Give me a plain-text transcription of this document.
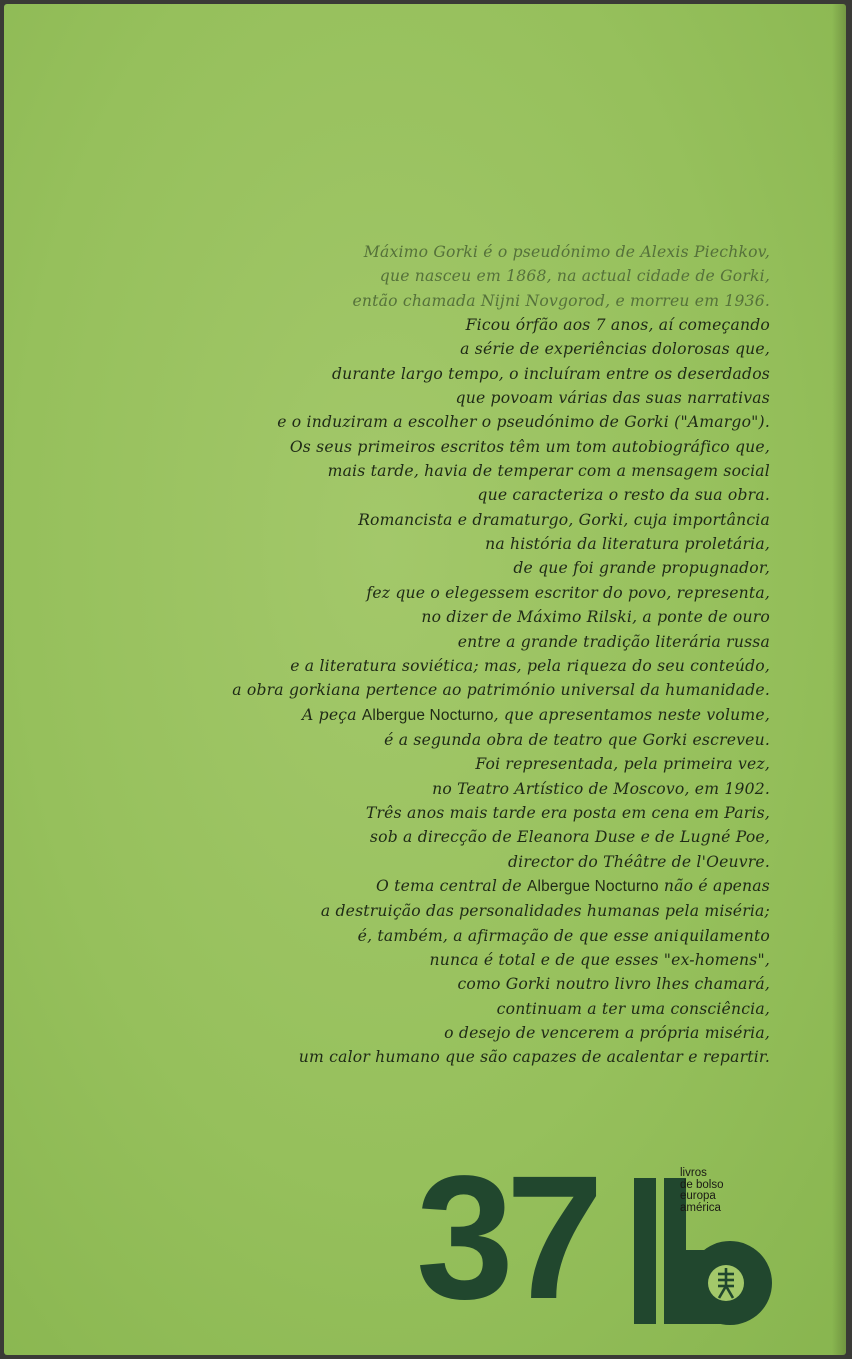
Máximo Gorki é o pseudónimo de Alexis Piechkov,
que nasceu em 1868, na actual cidade de Gorki,
então chamada Nijni Novgorod, e morreu em 1936.
Ficou órfão aos 7 anos, aí começando
a série de experiências dolorosas que,
durante largo tempo, o incluíram entre os deserdados
que povoam várias das suas narrativas
e o induziram a escolher o pseudónimo de Gorki ("Amargo").
Os seus primeiros escritos têm um tom autobiográfico que,
mais tarde, havia de temperar com a mensagem social
que caracteriza o resto da sua obra.
Romancista e dramaturgo, Gorki, cuja importância
na história da literatura proletária,
de que foi grande propugnador,
fez que o elegessem escritor do povo, representa,
no dizer de Máximo Rilski, a ponte de ouro
entre a grande tradição literária russa
e a literatura soviética; mas, pela riqueza do seu conteúdo,
a obra gorkiana pertence ao património universal da humanidade.
A peça Albergue Nocturno, que apresentamos neste volume,
é a segunda obra de teatro que Gorki escreveu.
Foi representada, pela primeira vez,
no Teatro Artístico de Moscovo, em 1902.
Três anos mais tarde era posta em cena em Paris,
sob a direcção de Eleanora Duse e de Lugné Poe,
director do Théâtre de l'Oeuvre.
O tema central de Albergue Nocturno não é apenas
a destruição das personalidades humanas pela miséria;
é, também, a afirmação de que esse aniquilamento
nunca é total e de que esses "ex-homens",
como Gorki noutro livro lhes chamará,
continuam a ter uma consciência,
o desejo de vencerem a própria miséria,
um calor humano que são capazes de acalentar e repartir.
37	livros
de bolso
europa
américa
